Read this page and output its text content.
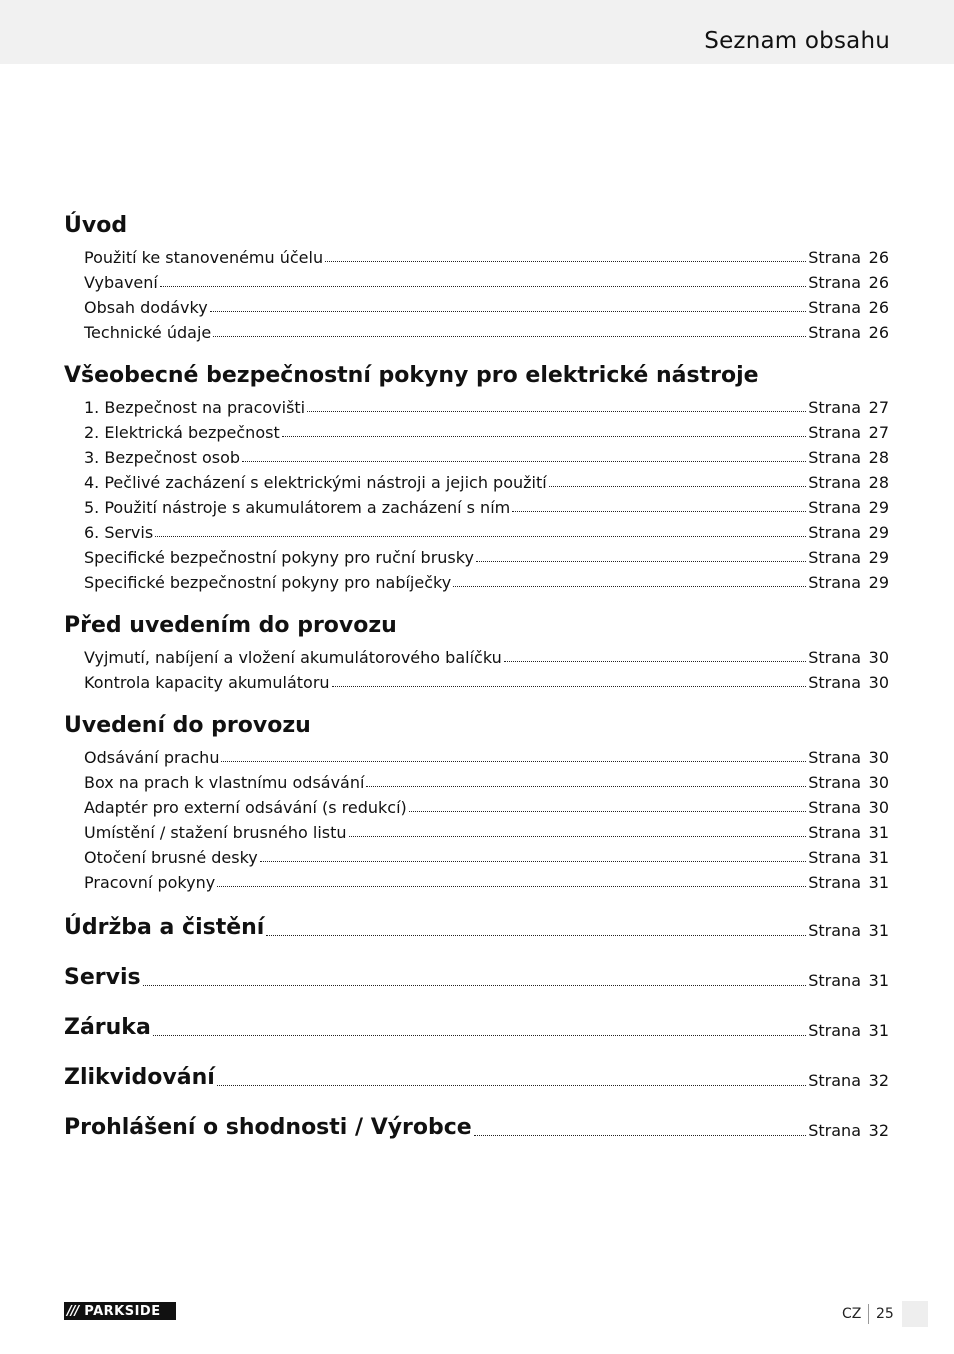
Seznam obsahu
Úvod
Použití ke stanovenému účelu	Strana 26
Vybavení	Strana 26
Obsah dodávky	Strana 26
Technické údaje	Strana 26
Všeobecné bezpečnostní pokyny pro elektrické nástroje
1. Bezpečnost na pracovišti	Strana 27
2. Elektrická bezpečnost	Strana 27
3. Bezpečnost osob	Strana 28
4. Pečlivé zacházení s elektrickými nástroji a jejich použití	Strana 28
5. Použití nástroje s akumulátorem a zacházení s ním	Strana 29
6. Servis	Strana 29
Specifické bezpečnostní pokyny pro ruční brusky	Strana 29
Specifické bezpečnostní pokyny pro nabíječky	Strana 29
Před uvedením do provozu
Vyjmutí, nabíjení a vložení akumulátorového balíčku	Strana 30
Kontrola kapacity akumulátoru	Strana 30
Uvedení do provozu
Odsávání prachu	Strana 30
Box na prach k vlastnímu odsávání	Strana 30
Adaptér pro externí odsávání (s redukcí)	Strana 30
Umístění / stažení brusného listu	Strana 31
Otočení brusné desky	Strana 31
Pracovní pokyny	Strana 31
Údržba a čistění	Strana 31
Servis	Strana 31
Záruka	Strana 31
Zlikvidování	Strana 32
Prohlášení o shodnosti / Výrobce	Strana 32
/// PARKSIDE	CZ 25
